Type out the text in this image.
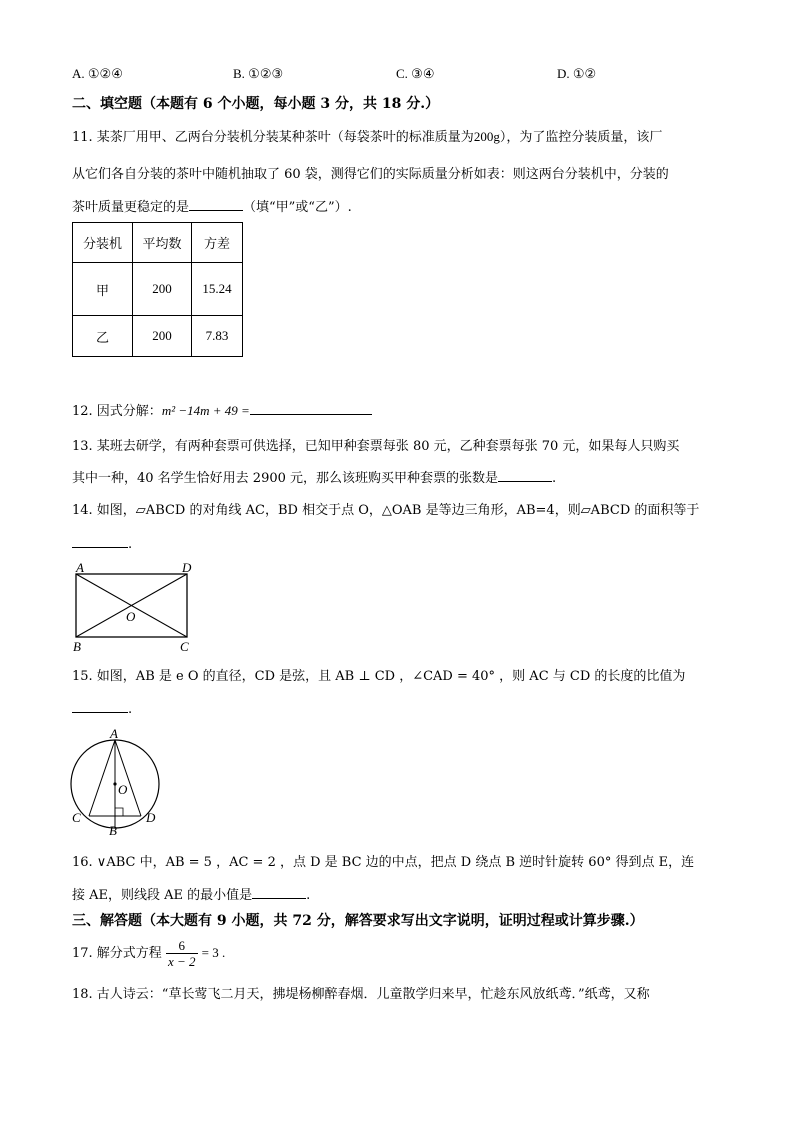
A. ①②④	B. ①②③	C. ③④	D. ①②
二、填空题（本题有 6 个小题，每小题 3 分，共 18 分.）
11. 某茶厂用甲、乙两台分装机分装某种茶叶（每袋茶叶的标准质量为200g），为了监控分装质量，该厂
从它们各自分装的茶叶中随机抽取了 60 袋，测得它们的实际质量分析如表：则这两台分装机中，分装的
茶叶质量更稳定的是	（填“甲”或“乙”）.
分装机	平均数	方差
甲	200	15.24
乙	200	7.83
12. 因式分解：m² −14m + 49 =
13. 某班去研学，有两种套票可供选择，已知甲种套票每张 80 元，乙种套票每张 70 元，如果每人只购买
其中一种，40 名学生恰好用去 2900 元，那么该班购买甲种套票的张数是	.
14. 如图，▱ABCD 的对角线 AC，BD 相交于点 O，△OAB 是等边三角形，AB=4，则▱ABCD 的面积等于
.
A	D
O
B	C
15. 如图，AB 是 e O 的直径，CD 是弦，且 AB ⊥ CD ，∠CAD = 40° ，则 AC 与 CD 的长度的比值为
.
A
O
C	D
B
16. ∨ABC 中，AB = 5 ，AC = 2 ，点 D 是 BC 边的中点，把点 D 绕点 B 逆时针旋转 60° 得到点 E，连
接 AE，则线段 AE 的最小值是	.
三、解答题（本大题有 9 小题，共 72 分，解答要求写出文字说明，证明过程或计算步骤.）
17. 解分式方程 $\frac{6}{x - 2} = 3$ .
18. 古人诗云：“草长莺飞二月天，拂堤杨柳醉春烟．儿童散学归来早，忙趁东风放纸鸢．”纸鸢，又称
